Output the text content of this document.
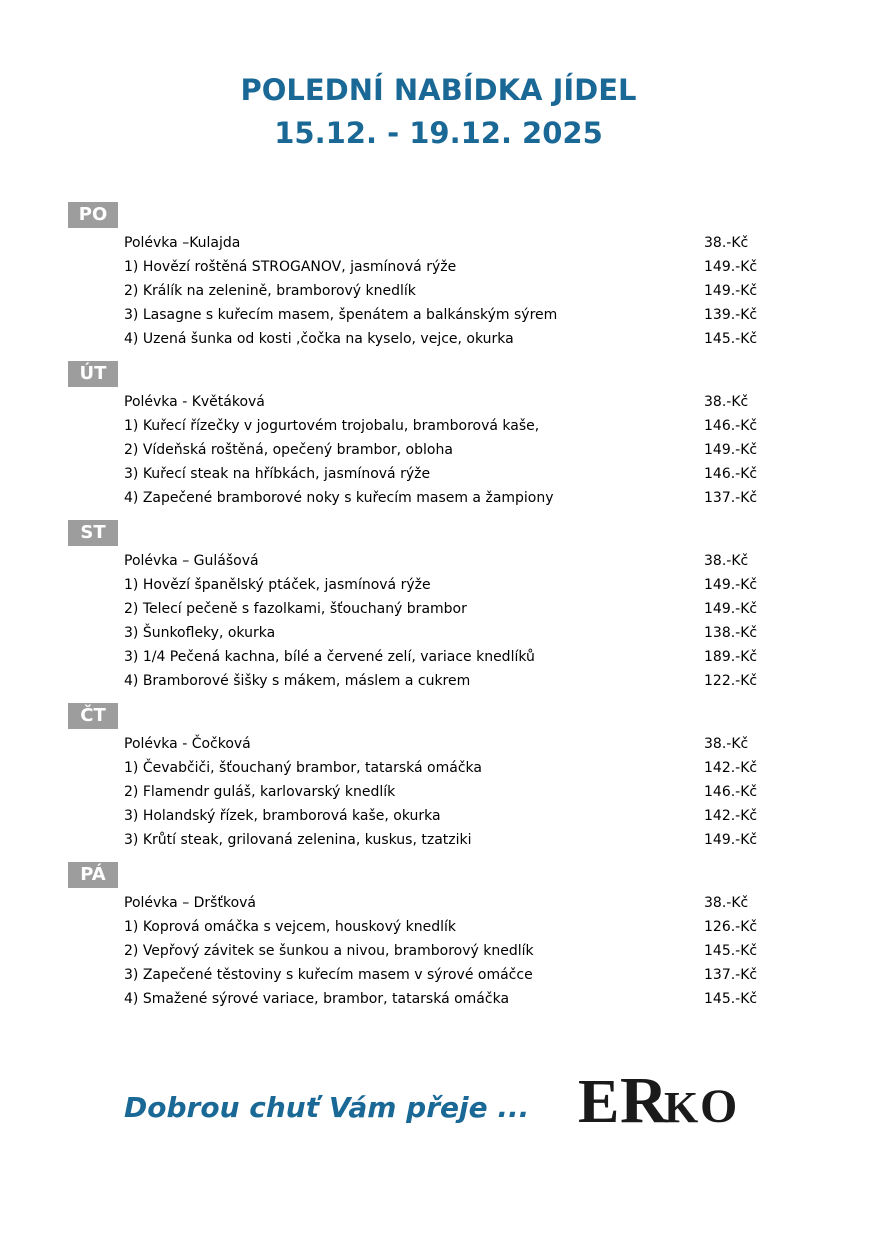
POLEDNÍ NABÍDKA JÍDEL
15.12. - 19.12. 2025
PO
Polévka –Kulajda	38.-Kč
1) Hovězí roštěná STROGANOV, jasmínová rýže	149.-Kč
2) Králík na zelenině, bramborový knedlík	149.-Kč
3) Lasagne s kuřecím masem, špenátem a balkánským sýrem	139.-Kč
4) Uzená šunka od kosti ,čočka na kyselo, vejce, okurka	145.-Kč
ÚT
Polévka - Květáková	38.-Kč
1) Kuřecí řízečky v jogurtovém trojobalu, bramborová kaše,	146.-Kč
2) Vídeňská roštěná, opečený brambor, obloha	149.-Kč
3) Kuřecí steak na hříbkách, jasmínová rýže	146.-Kč
4) Zapečené bramborové noky s kuřecím masem a žampiony	137.-Kč
ST
Polévka – Gulášová	38.-Kč
1) Hovězí španělský ptáček, jasmínová rýže	149.-Kč
2) Telecí pečeně s fazolkami, šťouchaný brambor	149.-Kč
3) Šunkofleky, okurka	138.-Kč
3) 1/4 Pečená kachna, bílé a červené zelí, variace knedlíků	189.-Kč
4) Bramborové šišky s mákem, máslem a cukrem	122.-Kč
ČT
Polévka - Čočková	38.-Kč
1) Čevabčiči, šťouchaný brambor, tatarská omáčka	142.-Kč
2) Flamendr guláš, karlovarský knedlík	146.-Kč
3) Holandský řízek, bramborová kaše, okurka	142.-Kč
3) Krůtí steak, grilovaná zelenina, kuskus, tzatziki	149.-Kč
PÁ
Polévka – Dršťková	38.-Kč
1) Koprová omáčka s vejcem, houskový knedlík	126.-Kč
2) Vepřový závitek se šunkou a nivou, bramborový knedlík	145.-Kč
3) Zapečené těstoviny s kuřecím masem v sýrové omáčce	137.-Kč
4) Smažené sýrové variace, brambor, tatarská omáčka	145.-Kč
Dobrou chuť Vám přeje ... E R
K O
